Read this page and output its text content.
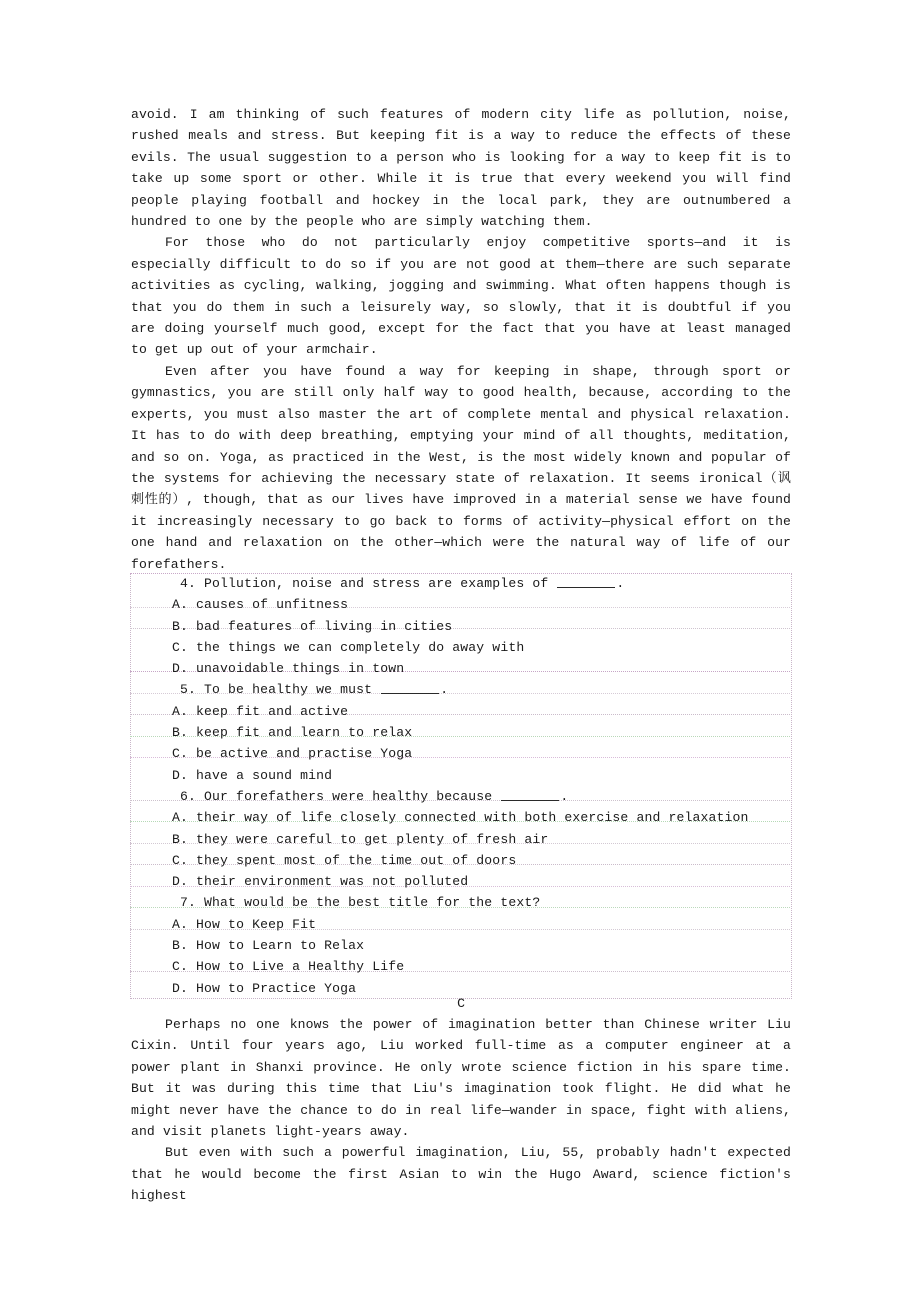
avoid. I am thinking of such features of modern city life as pollution, noise, rushed meals and stress. But keeping fit is a way to reduce the effects of these evils. The usual suggestion to a person who is looking for a way to keep fit is to take up some sport or other. While it is true that every weekend you will find people playing football and hockey in the local park, they are outnumbered a hundred to one by the people who are simply watching them.

For those who do not particularly enjoy competitive sports—and it is especially difficult to do so if you are not good at them—there are such separate activities as cycling, walking, jogging and swimming. What often happens though is that you do them in such a leisurely way, so slowly, that it is doubtful if you are doing yourself much good, except for the fact that you have at least managed to get up out of your armchair.

Even after you have found a way for keeping in shape, through sport or gymnastics, you are still only half way to good health, because, according to the experts, you must also master the art of complete mental and physical relaxation. It has to do with deep breathing, emptying your mind of all thoughts, meditation, and so on. Yoga, as practiced in the West, is the most widely known and popular of the systems for achieving the necessary state of relaxation. It seems ironical（讽刺性的）, though, that as our lives have improved in a material sense we have found it increasingly necessary to go back to forms of activity—physical effort on the one hand and relaxation on the other—which were the natural way of life of our forefathers.

4. Pollution, noise and stress are examples of	.
A. causes of unfitness
B. bad features of living in cities
C. the things we can completely do away with
D. unavoidable things in town
5. To be healthy we must	.
A. keep fit and active
B. keep fit and learn to relax
C. be active and practise Yoga
D. have a sound mind
6. Our forefathers were healthy because	.
A. their way of life closely connected with both exercise and relaxation
B. they were careful to get plenty of fresh air
C. they spent most of the time out of doors
D. their environment was not polluted
7. What would be the best title for the text?
A. How to Keep Fit
B. How to Learn to Relax
C. How to Live a Healthy Life
D. How to Practice Yoga
C

Perhaps no one knows the power of imagination better than Chinese writer Liu Cixin. Until four years ago, Liu worked full-time as a computer engineer at a power plant in Shanxi province. He only wrote science fiction in his spare time. But it was during this time that Liu's imagination took flight. He did what he might never have the chance to do in real life—wander in space, fight with aliens, and visit planets light-years away.

But even with such a powerful imagination, Liu, 55, probably hadn't expected that he would become the first Asian to win the Hugo Award, science fiction's highest
